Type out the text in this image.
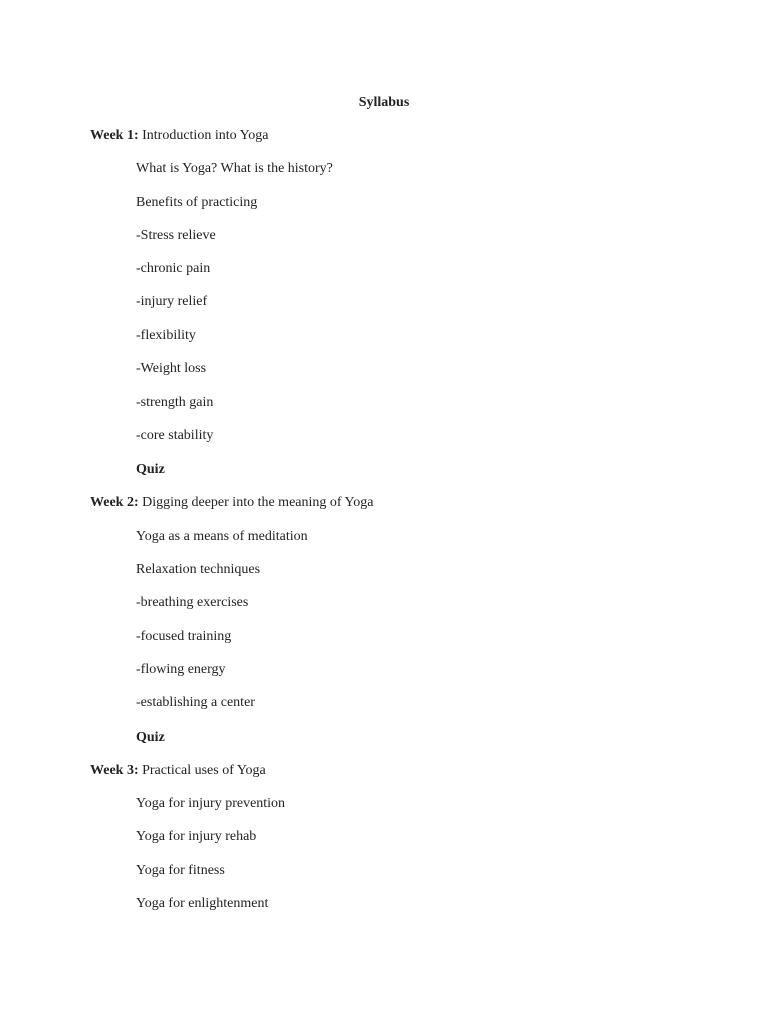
Syllabus
Week 1: Introduction into Yoga
What is Yoga? What is the history?
Benefits of practicing
-Stress relieve
-chronic pain
-injury relief
-flexibility
-Weight loss
-strength gain
-core stability
Quiz
Week 2: Digging deeper into the meaning of Yoga
Yoga as a means of meditation
Relaxation techniques
-breathing exercises
-focused training
-flowing energy
-establishing a center
Quiz
Week 3: Practical uses of Yoga
Yoga for injury prevention
Yoga for injury rehab
Yoga for fitness
Yoga for enlightenment
